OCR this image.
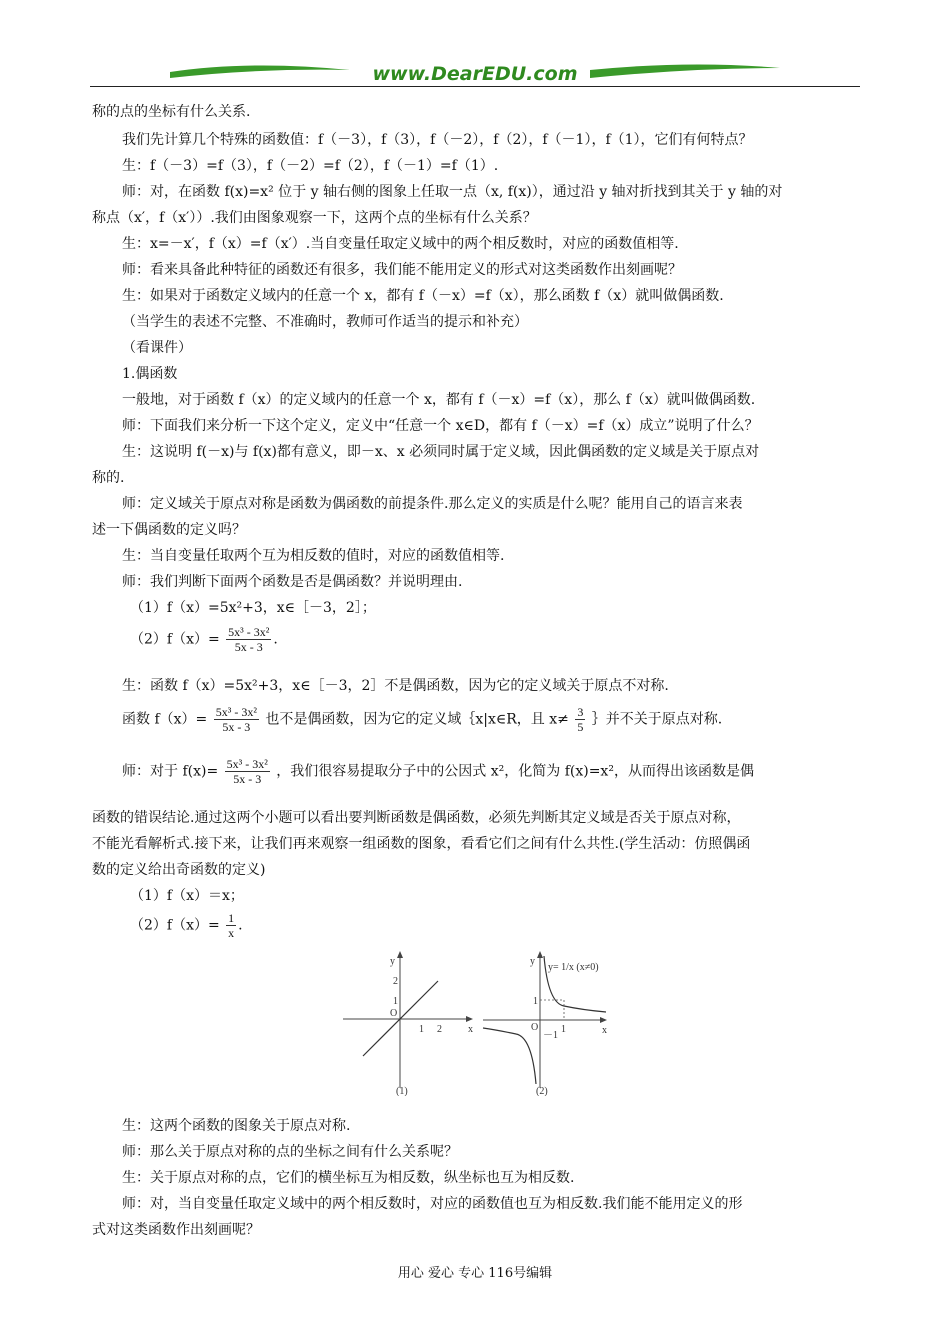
www.DearEDU.com
称的点的坐标有什么关系.
我们先计算几个特殊的函数值：f（－3），f（3），f（－2），f（2），f（－1），f（1），它们有何特点？
生：f（－3）=f（3），f（－2）=f（2），f（－1）=f（1）.
师：对，在函数 f(x)=x² 位于 y 轴右侧的图象上任取一点（x, f(x)），通过沿 y 轴对折找到其关于 y 轴的对
称点（x′，f（x′））.我们由图象观察一下，这两个点的坐标有什么关系？
生：x=－x′，f（x）=f（x′）.当自变量任取定义域中的两个相反数时，对应的函数值相等.
师：看来具备此种特征的函数还有很多，我们能不能用定义的形式对这类函数作出刻画呢？
生：如果对于函数定义域内的任意一个 x，都有 f（－x）=f（x），那么函数 f（x）就叫做偶函数.
（当学生的表述不完整、不准确时，教师可作适当的提示和补充）
（看课件）
1.偶函数
一般地，对于函数 f（x）的定义域内的任意一个 x，都有 f（－x）=f（x），那么 f（x）就叫做偶函数.
师：下面我们来分析一下这个定义，定义中“任意一个 x∈D，都有 f（－x）=f（x）成立”说明了什么？
生：这说明 f(－x)与 f(x)都有意义，即－x、x 必须同时属于定义域，因此偶函数的定义域是关于原点对
称的.
师：定义域关于原点对称是函数为偶函数的前提条件.那么定义的实质是什么呢？能用自己的语言来表
述一下偶函数的定义吗？
生：当自变量任取两个互为相反数的值时，对应的函数值相等.
师：我们判断下面两个函数是否是偶函数？并说明理由.
（1）f（x）=5x²+3，x∈［－3，2］；
$(2)f(x)= \frac{\text{5x³ - 3x²}}{5x - 3}$ .
生：函数 f（x）=5x²+3，x∈［－3，2］不是偶函数，因为它的定义域关于原点不对称.
函数 $f(x)= \frac{\text{5x³ - 3x²}}{5x - 3}$ 也不是偶函数，因为它的定义域｛x|x∈R，且 $x\ne \frac{3}{5}$ ｝并不关于原点对称.
师：对于 $f(x)= \frac{\text{5x³ - 3x²}}{5x - 3}$ ，我们很容易提取分子中的公因式 x²，化简为 f(x)=x²，从而得出该函数是偶
函数的错误结论.通过这两个小题可以看出要判断函数是偶函数，必须先判断其定义域是否关于原点对称，
不能光看解析式.接下来，让我们再来观察一组函数的图象，看看它们之间有什么共性.(学生活动：仿照偶函
数的定义给出奇函数的定义)
（1）f（x）＝x；
$(2)f(x)= \frac{1}{x}$ .
y
x
O
1 2
1
2
(1)
y
x
O 1
1
－1
y= 1/x (x≠0)
(2)
生：这两个函数的图象关于原点对称.
师：那么关于原点对称的点的坐标之间有什么关系呢？
生：关于原点对称的点，它们的横坐标互为相反数，纵坐标也互为相反数.
师：对，当自变量任取定义域中的两个相反数时，对应的函数值也互为相反数.我们能不能用定义的形
式对这类函数作出刻画呢？
用心 爱心 专心 116号编辑
